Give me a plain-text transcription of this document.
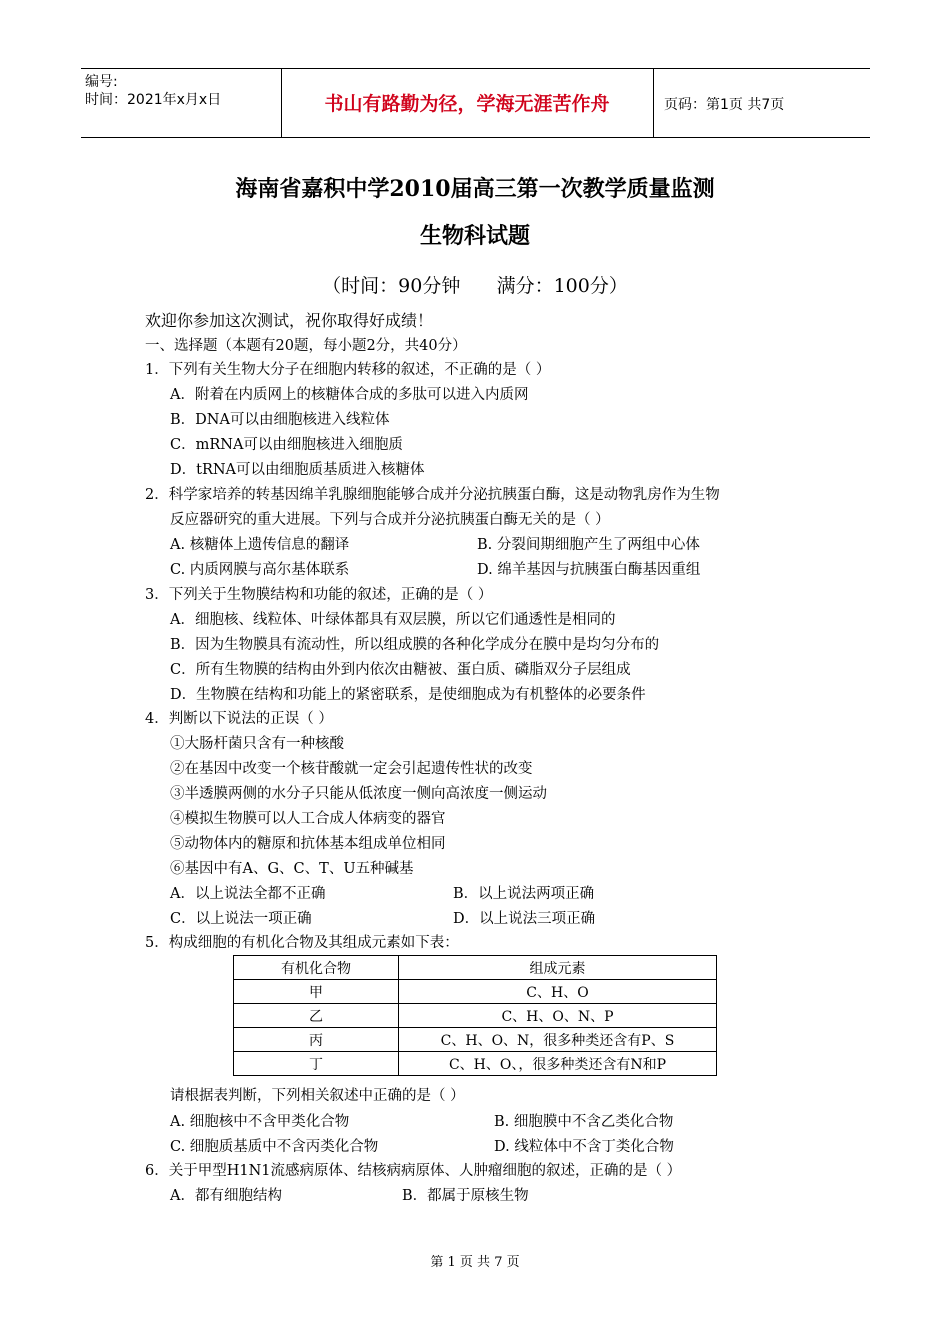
编号:
时间：2021年x月x日	书山有路勤为径，学海无涯苦作舟	页码：第1页 共7页
海南省嘉积中学2010届高三第一次教学质量监测
生物科试题
（时间：90分钟      满分：100分）
欢迎你参加这次测试，祝你取得好成绩！
一、选择题（本题有20题，每小题2分，共40分）
1．下列有关生物大分子在细胞内转移的叙述，不正确的是（ ）
A．附着在内质网上的核糖体合成的多肽可以进入内质网
B．DNA可以由细胞核进入线粒体
C．mRNA可以由细胞核进入细胞质
D．tRNA可以由细胞质基质进入核糖体
2．科学家培养的转基因绵羊乳腺细胞能够合成并分泌抗胰蛋白酶，这是动物乳房作为生物
反应器研究的重大进展。下列与合成并分泌抗胰蛋白酶无关的是（ ）
A. 核糖体上遗传信息的翻译	B. 分裂间期细胞产生了两组中心体
C. 内质网膜与高尔基体联系	D. 绵羊基因与抗胰蛋白酶基因重组
3．下列关于生物膜结构和功能的叙述，正确的是（ ）
A．细胞核、线粒体、叶绿体都具有双层膜，所以它们通透性是相同的
B．因为生物膜具有流动性，所以组成膜的各种化学成分在膜中是均匀分布的
C．所有生物膜的结构由外到内依次由糖被、蛋白质、磷脂双分子层组成
D．生物膜在结构和功能上的紧密联系，是使细胞成为有机整体的必要条件
4．判断以下说法的正误（ ）
①大肠杆菌只含有一种核酸
②在基因中改变一个核苷酸就一定会引起遗传性状的改变
③半透膜两侧的水分子只能从低浓度一侧向高浓度一侧运动
④模拟生物膜可以人工合成人体病变的器官
⑤动物体内的糖原和抗体基本组成单位相同
⑥基因中有A、G、C、T、U五种碱基
A．以上说法全都不正确	B．以上说法两项正确
C．以上说法一项正确	D．以上说法三项正确
5．构成细胞的有机化合物及其组成元素如下表：
有机化合物	组成元素
甲	C、H、O
乙	C、H、O、N、P
丙	C、H、O、N，很多种类还含有P、S
丁	C、H、O、，很多种类还含有N和P
请根据表判断，下列相关叙述中正确的是（ ）
A. 细胞核中不含甲类化合物	B. 细胞膜中不含乙类化合物
C. 细胞质基质中不含丙类化合物	D. 线粒体中不含丁类化合物
6．关于甲型H1N1流感病原体、结核病病原体、人肿瘤细胞的叙述，正确的是（ ）
A．都有细胞结构	B．都属于原核生物
第 1 页 共 7 页
